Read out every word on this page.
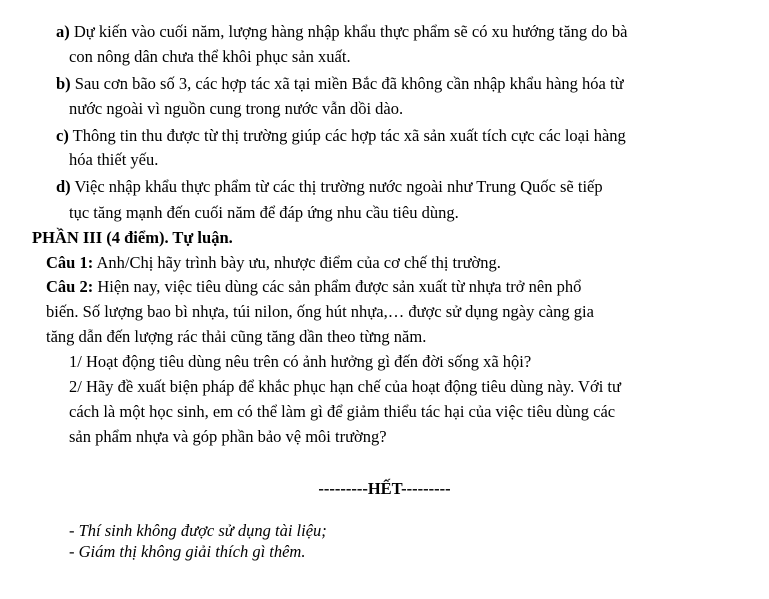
a) Dự kiến vào cuối năm, lượng hàng nhập khẩu thực phẩm sẽ có xu hướng tăng do bà
con nông dân chưa thể khôi phục sản xuất.
b) Sau cơn bão số 3, các hợp tác xã tại miền Bắc đã không cần nhập khẩu hàng hóa từ
nước ngoài vì nguồn cung trong nước vẫn dồi dào.
c) Thông tin thu được từ thị trường giúp các hợp tác xã sản xuất tích cực các loại hàng
hóa thiết yếu.
d) Việc nhập khẩu thực phẩm từ các thị trường nước ngoài như Trung Quốc sẽ tiếp
tục tăng mạnh đến cuối năm để đáp ứng nhu cầu tiêu dùng.
PHẦN III (4 điểm). Tự luận.
Câu 1: Anh/Chị hãy trình bày ưu, nhược điểm của cơ chế thị trường.
Câu 2: Hiện nay, việc tiêu dùng các sản phẩm được sản xuất từ nhựa trở nên phổ
biến. Số lượng bao bì nhựa, túi nilon, ống hút nhựa,… được sử dụng ngày càng gia
tăng dẫn đến lượng rác thải cũng tăng dần theo từng năm.
1/ Hoạt động tiêu dùng nêu trên có ảnh hưởng gì đến đời sống xã hội?
2/ Hãy đề xuất biện pháp để khắc phục hạn chế của hoạt động tiêu dùng này. Với tư
cách là một học sinh, em có thể làm gì để giảm thiểu tác hại của việc tiêu dùng các
sản phẩm nhựa và góp phần bảo vệ môi trường?
---------HẾT---------
- Thí sinh không được sử dụng tài liệu;
- Giám thị không giải thích gì thêm.
